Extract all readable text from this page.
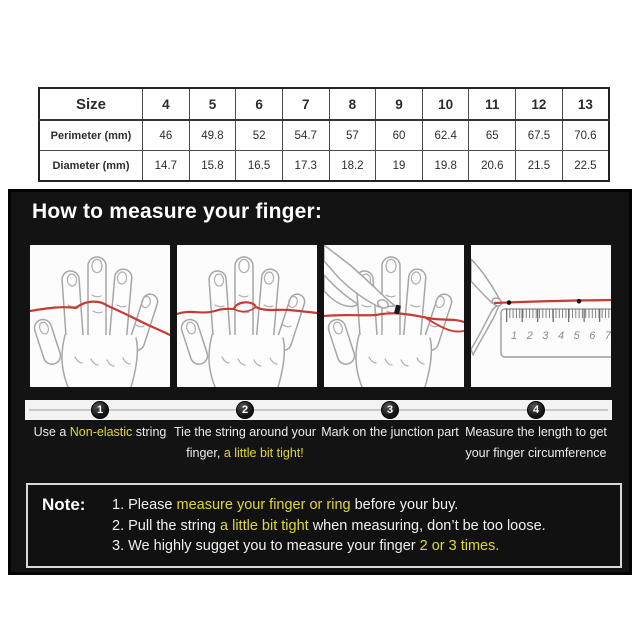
Size	4	5	6	7	8	9	10	11	12	13
Perimeter (mm)	46	49.8	52	54.7	57	60	62.4	65	67.5	70.6
Diameter (mm)	14.7	15.8	16.5	17.3	18.2	19	19.8	20.6	21.5	22.5
How to measure your finger:
1 2 3 4 5 6 7
1	2	3	4
Use a Non-elastic string Tie the string around your
finger, a little bit tight!
Mark on the junction part Measure the length to get
your finger circumference
Note:	1. Please measure your finger or ring before your buy.
2. Pull the string a little bit tight when measuring, don’t be too loose.
3. We highly sugget you to measure your finger 2 or 3 times.
